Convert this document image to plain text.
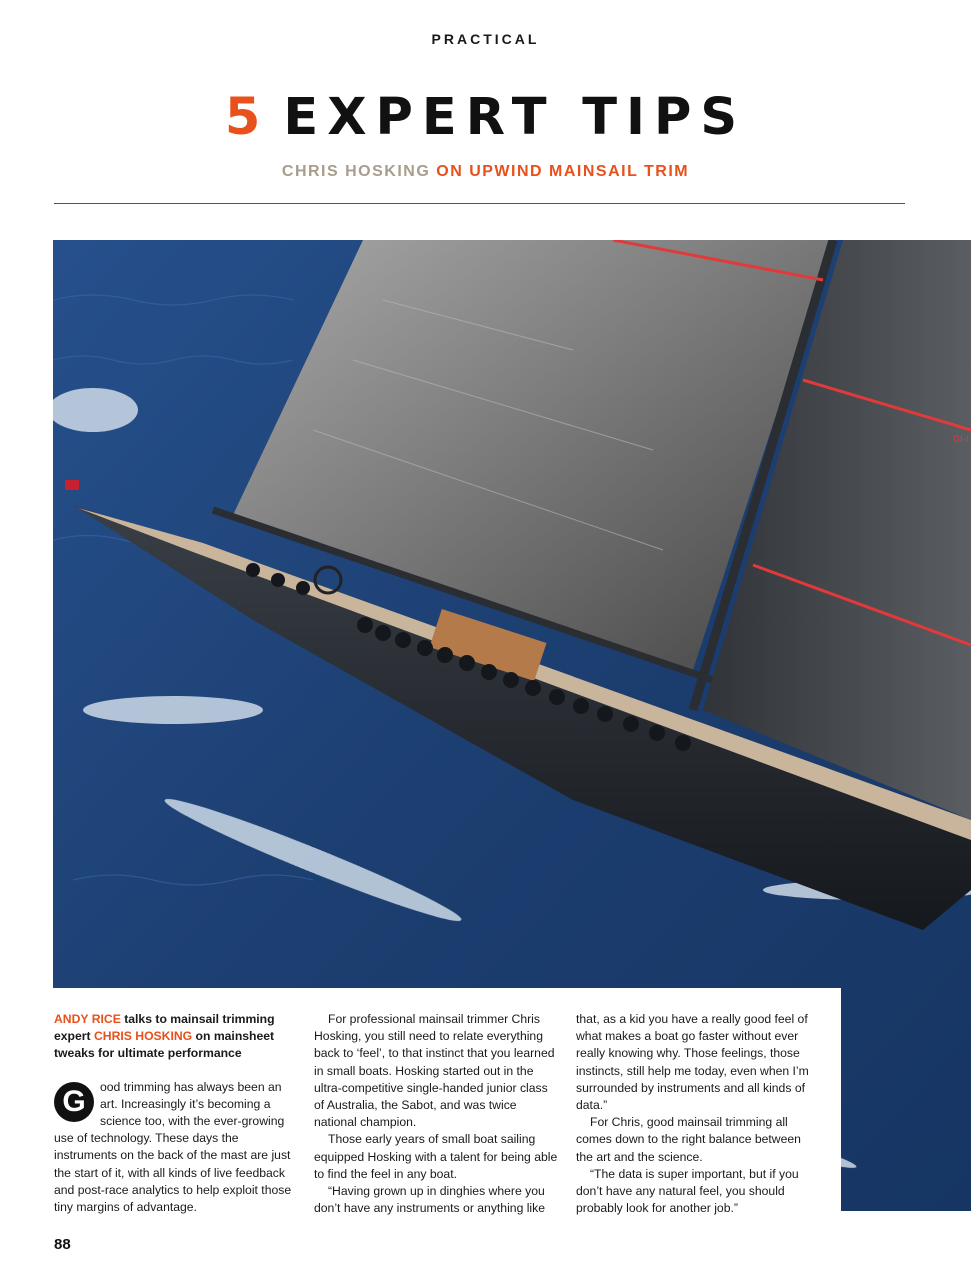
PRACTICAL
5 EXPERT TIPS
CHRIS HOSKING ON UPWIND MAINSAIL TRIM
GI-I

ANDY RICE talks to mainsail trimming expert CHRIS HOSKING on mainsheet tweaks for ultimate performance

G	ood trimming has always been an art. Increasingly it’s becoming a science too, with the ever-growing use of technology. These days the instruments on the back of the mast are just the start of it, with all kinds of live feedback and post-race analytics to help exploit those tiny margins of advantage.

For professional mainsail trimmer Chris Hosking, you still need to relate everything back to ‘feel’, to that instinct that you learned in small boats. Hosking started out in the ultra-competitive single-handed junior class of Australia, the Sabot, and was twice national champion.

Those early years of small boat sailing equipped Hosking with a talent for being able to find the feel in any boat.

“Having grown up in dinghies where you don’t have any instruments or anything like

that, as a kid you have a really good feel of what makes a boat go faster without ever really knowing why. Those feelings, those instincts, still help me today, even when I’m surrounded by instruments and all kinds of data.”

For Chris, good mainsail trimming all comes down to the right balance between the art and the science.

“The data is super important, but if you don’t have any natural feel, you should probably look for another job.”

88
